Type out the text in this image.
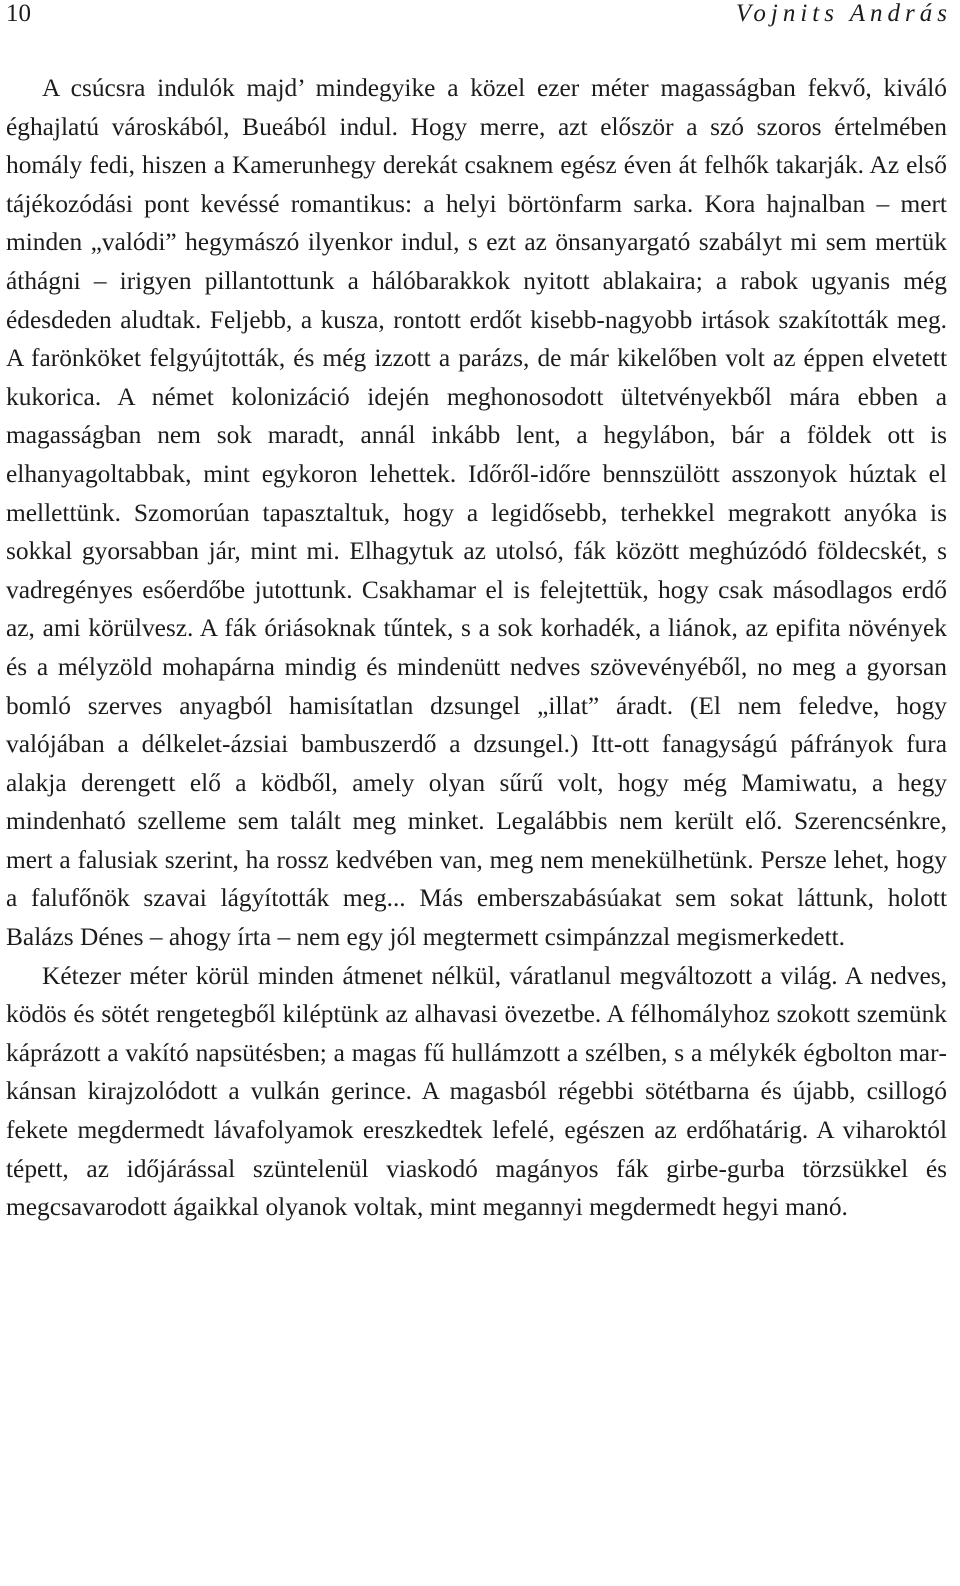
10	Vojnits András

A csúcsra indulók majd’ mindegyike a közel ezer méter magasságban fekvő, kiváló éghajlatú városkából, Bueából indul. Hogy merre, azt először a szó szoros értelmében homály fedi, hiszen a Kamerunhegy derekát csaknem egész éven át felhők takarják. Az első tájékozódási pont kevéssé romantikus: a helyi börtönfarm sarka. Kora hajnalban – mert minden „valódi” hegymászó ilyenkor indul, s ezt az önsanyargató szabályt mi sem mertük áthágni – irigyen pillantottunk a hálóbarakkok nyitott ablakaira; a rabok ugyanis még édesdeden aludtak. Feljebb, a kusza, rontott erdőt kisebb-nagyobb irtások szakították meg. A farönköket felgyújtották, és még izzott a parázs, de már kikelőben volt az éppen elvetett kukorica. A német kolonizáció idején meghonosodott ültetvényekből mára ebben a magasságban nem sok maradt, annál inkább lent, a hegylábon, bár a földek ott is elhanyagoltabbak, mint egykoron lehettek. Időről-időre bennszülött asszonyok húztak el mellettünk. Szomorúan tapasztaltuk, hogy a legidősebb, terhekkel megrakott anyóka is sokkal gyorsabban jár, mint mi. Elhagytuk az utolsó, fák között meghúzódó földecskét, s vadregényes esőerdőbe jutottunk. Csakhamar el is felejtettük, hogy csak másodlagos erdő az, ami körülvesz. A fák óriásoknak tűntek, s a sok korhadék, a liánok, az epifita növények és a mélyzöld mohapárna mindig és mindenütt nedves szövevényéből, no meg a gyorsan bomló szerves anyagból hamisítatlan dzsungel „illat” áradt. (El nem feledve, hogy valójában a délkelet-ázsiai bambuszerdő a dzsungel.) Itt-ott fanagyságú páfrányok fura alakja derengett elő a ködből, amely olyan sűrű volt, hogy még Mamiwatu, a hegy mindenható szelleme sem talált meg minket. Legalábbis nem került elő. Szerencsénkre, mert a falusiak szerint, ha rossz kedvében van, meg nem menekülhetünk. Persze lehet, hogy a falufőnök szavai lágyították meg... Más emberszabásúakat sem sokat láttunk, holott Balázs Dénes – ahogy írta – nem egy jól megtermett csimpánzzal megismerkedett.

Kétezer méter körül minden átmenet nélkül, váratlanul megváltozott a világ. A nedves, ködös és sötét rengetegből kiléptünk az alhavasi övezetbe. A félhomályhoz szokott szemünk káprázott a vakító napsütésben; a magas fű hullámzott a szélben, s a mélykék égbolton markánsan kirajzolódott a vulkán gerince. A magasból régebbi sötétbarna és újabb, csillogó fekete megdermedt lávafolyamok ereszkedtek lefelé, egészen az erdőhatárig. A viharoktól tépett, az időjárással szüntelenül viaskodó magányos fák girbe-gurba törzsükkel és megcsavarodott ágaikkal olyanok voltak, mint megannyi megdermedt hegyi manó.
